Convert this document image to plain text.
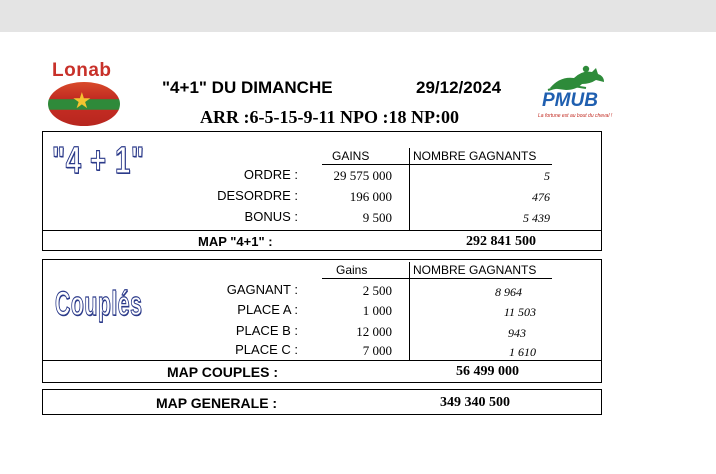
Lonab
★
"4+1" DU DIMANCHE	29/12/2024
ARR :6-5-15-9-11 NPO :18 NP:00
PMUB
La fortune est au bout du cheval !
"4 + 1"	GAINS	NOMBRE GAGNANTS
ORDRE :	29 575 000	5
DESORDRE :	196 000	476
BONUS :	9 500	5 439
MAP "4+1" :	292 841 500
Couplés
Gains	NOMBRE GAGNANTS
GAGNANT :	2 500	8 964
PLACE A :	1 000	11 503
PLACE B :	12 000	943
PLACE C :	7 000	1 610
MAP COUPLES :	56 499 000
MAP GENERALE :	349 340 500
